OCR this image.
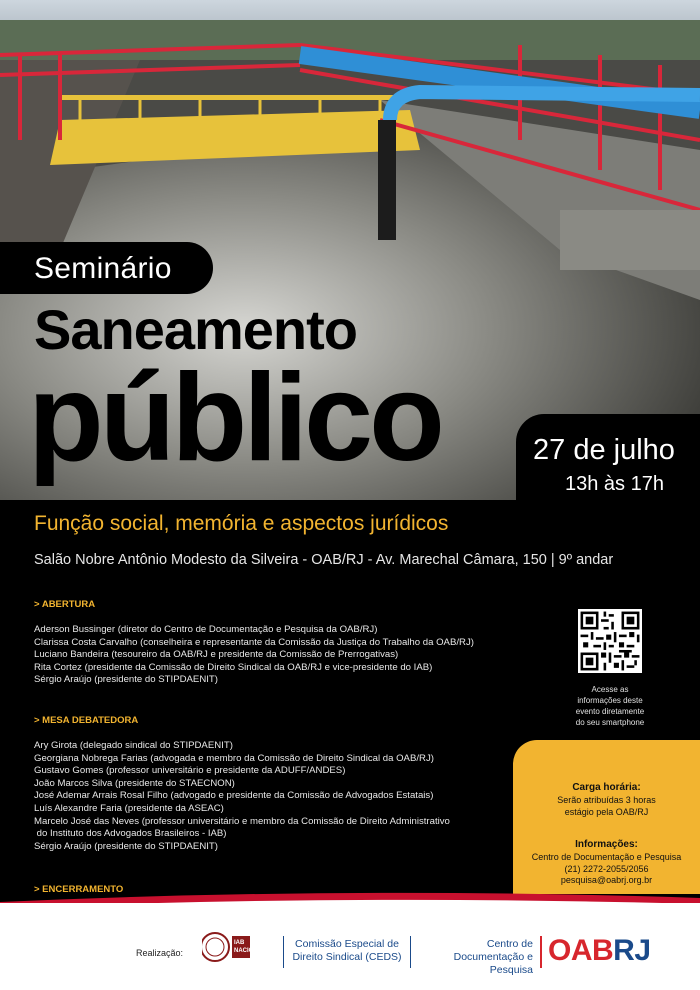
Seminário
Saneamento
público	27 de julho
13h às 17h
Função social, memória e aspectos jurídicos
Salão Nobre Antônio Modesto da Silveira - OAB/RJ - Av. Marechal Câmara, 150 | 9º andar
> ABERTURA
Aderson Bussinger (diretor do Centro de Documentação e Pesquisa da OAB/RJ)
Clarissa Costa Carvalho (conselheira e representante da Comissão da Justiça do Trabalho da OAB/RJ)
Luciano Bandeira (tesoureiro da OAB/RJ e presidente da Comissão de Prerrogativas)
Rita Cortez (presidente da Comissão de Direito Sindical da OAB/RJ e vice-presidente do IAB)
Sérgio Araújo (presidente do STIPDAENIT)
> MESA DEBATEDORA
Ary Girota (delegado sindical do STIPDAENIT)
Georgiana Nobrega Farias (advogada e membro da Comissão de Direito Sindical da OAB/RJ)
Gustavo Gomes (professor universitário e presidente da ADUFF/ANDES)
João Marcos Silva (presidente do STAECNON)
José Ademar Arrais Rosal Filho (advogado e presidente da Comissão de Advogados Estatais)
Luís Alexandre Faria (presidente da ASEAC)
Marcelo José das Neves (professor universitário e membro da Comissão de Direito Administrativo
do Instituto dos Advogados Brasileiros - IAB)
Sérgio Araújo (presidente do STIPDAENIT)
> ENCERRAMENTO
Acesse as
informações deste
evento diretamente
do seu smartphone
Carga horária:
Serão atribuídas 3 horas
estágio pela OAB/RJ
Informações:
Centro de Documentação e Pesquisa
(21) 2272-2055/2056
pesquisa@oabrj.org.br
Realização:
IAB
NACIONAL
Comissão Especial de
Direito Sindical (CEDS)
Centro de
Documentação e Pesquisa
OABRJ
